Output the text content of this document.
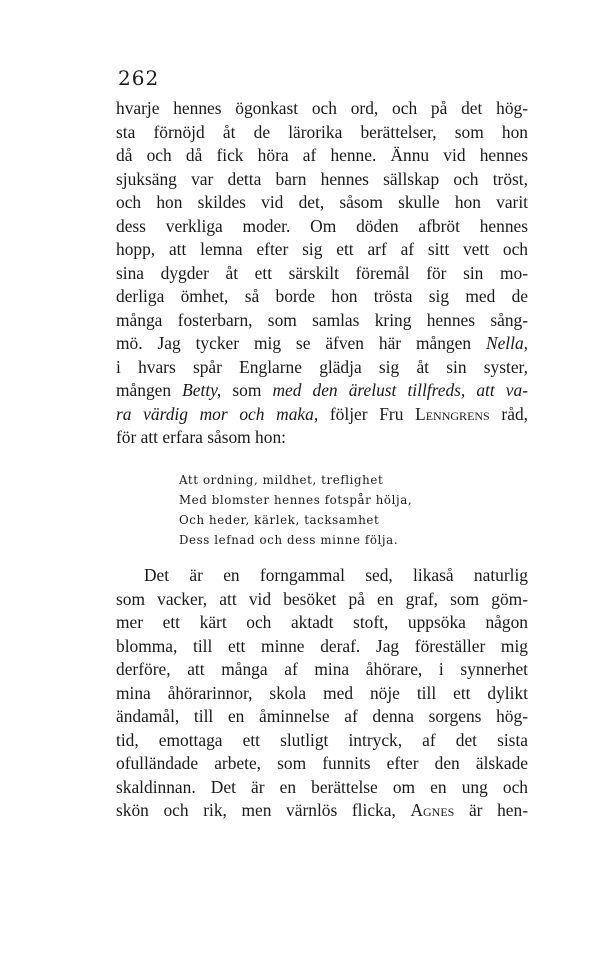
262
hvarje hennes ögonkast och ord, och på det hög-
sta förnöjd åt de lärorika berättelser, som hon
då och då fick höra af henne. Ännu vid hennes
sjuksäng var detta barn hennes sällskap och tröst,
och hon skildes vid det, såsom skulle hon varit
dess verkliga moder. Om döden afbröt hennes
hopp, att lemna efter sig ett arf af sitt vett och
sina dygder åt ett särskilt föremål för sin mo-
derliga ömhet, så borde hon trösta sig med de
många fosterbarn, som samlas kring hennes sång-
mö. Jag tycker mig se äfven här mången Nella,
i hvars spår Englarne glädja sig åt sin syster,
mången Betty, som med den ärelust tillfreds, att va-
ra värdig mor och maka, följer Fru Lenngrens råd,
för att erfara såsom hon:
Att ordning, mildhet, treflighet
Med blomster hennes fotspår hölja,
Och heder, kärlek, tacksamhet
Dess lefnad och dess minne följa.
Det är en forngammal sed, likaså naturlig
som vacker, att vid besöket på en graf, som göm-
mer ett kärt och aktadt stoft, uppsöka någon
blomma, till ett minne deraf. Jag föreställer mig
derföre, att många af mina åhörare, i synnerhet
mina åhörarinnor, skola med nöje till ett dylikt
ändamål, till en åminnelse af denna sorgens hög-
tid, emottaga ett slutligt intryck, af det sista
ofulländade arbete, som funnits efter den älskade
skaldinnan. Det är en berättelse om en ung och
skön och rik, men värnlös flicka, Agnes är hen-
